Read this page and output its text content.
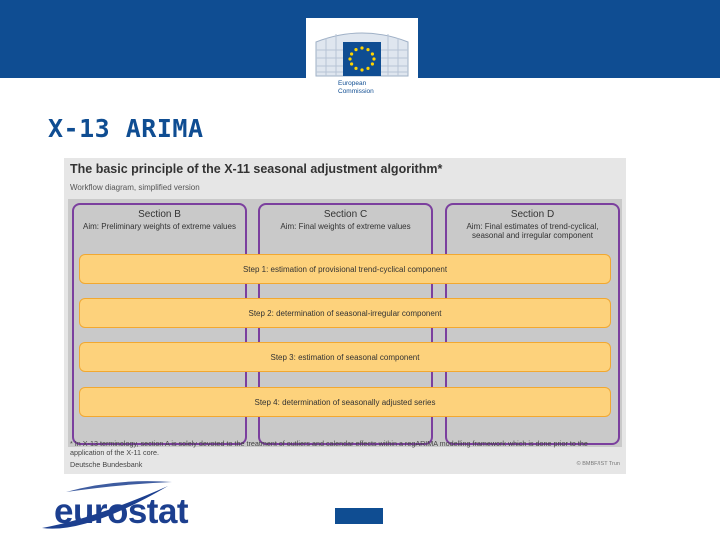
European
Commission
X-13 ARIMA
The basic principle of the X-11 seasonal adjustment algorithm*
Workflow diagram, simplified version
Section B
Aim: Preliminary weights of extreme values
Section C
Aim: Final weights of extreme values
Section D
Aim: Final estimates of trend-cyclical, seasonal and irregular component
Step 1: estimation of provisional trend-cyclical component
Step 2: determination of seasonal-irregular component
Step 3: estimation of seasonal component
Step 4: determination of seasonally adjusted series
* In X-13 terminology, section A is solely devoted to the treatment of outliers and calendar effects within a regARIMA modelling framework which is done prior to the application of the X-11 core.
Deutsche Bundesbank	© BMBF/IST Trun
eurostat
